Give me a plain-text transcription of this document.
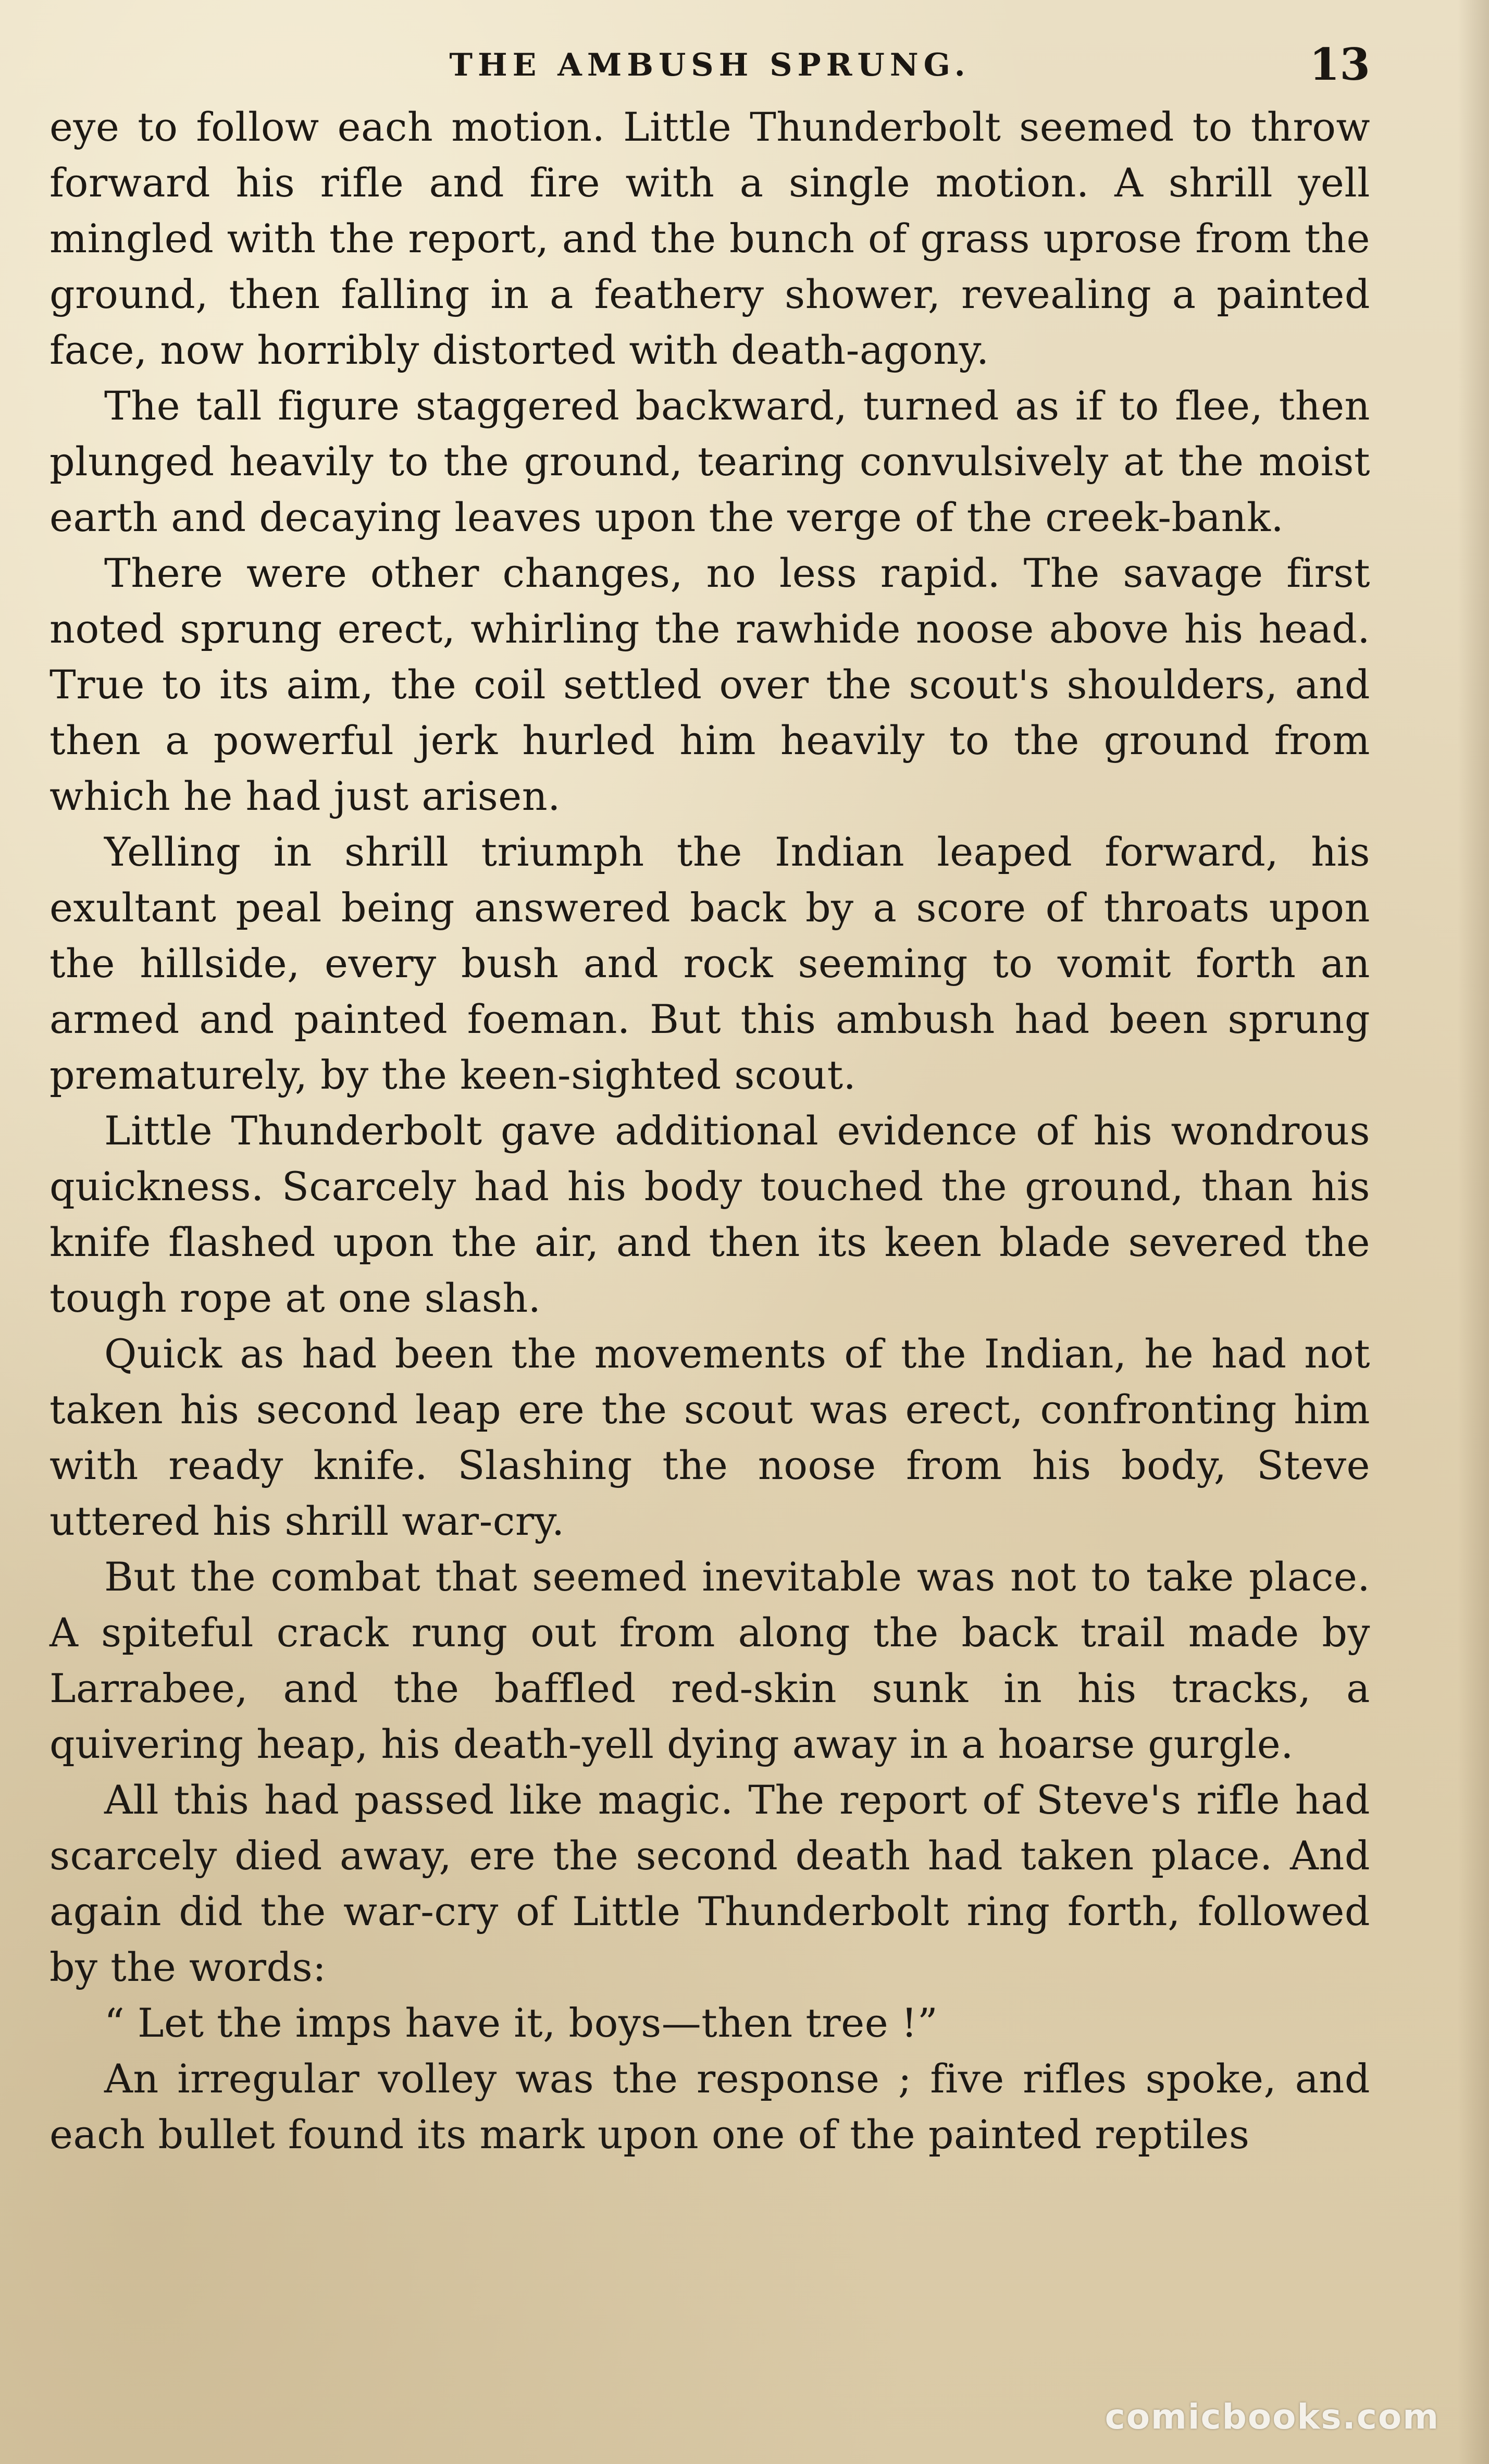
THE AMBUSH SPRUNG.	13

eye to follow each motion. Little Thunderbolt seemed to throw forward his rifle and fire with a single motion. A shrill yell mingled with the report, and the bunch of grass uprose from the ground, then falling in a feathery shower, revealing a painted face, now horribly distorted with death-agony.

The tall figure staggered backward, turned as if to flee, then plunged heavily to the ground, tearing convulsively at the moist earth and decaying leaves upon the verge of the creek-bank.

There were other changes, no less rapid. The savage first noted sprung erect, whirling the rawhide noose above his head. True to its aim, the coil settled over the scout's shoulders, and then a powerful jerk hurled him heavily to the ground from which he had just arisen.

Yelling in shrill triumph the Indian leaped forward, his exultant peal being answered back by a score of throats upon the hillside, every bush and rock seeming to vomit forth an armed and painted foeman. But this ambush had been sprung prematurely, by the keen-sighted scout.

Little Thunderbolt gave additional evidence of his wondrous quickness. Scarcely had his body touched the ground, than his knife flashed upon the air, and then its keen blade severed the tough rope at one slash.

Quick as had been the movements of the Indian, he had not taken his second leap ere the scout was erect, confronting him with ready knife. Slashing the noose from his body, Steve uttered his shrill war-cry.

But the combat that seemed inevitable was not to take place. A spiteful crack rung out from along the back trail made by Larrabee, and the baffled red-skin sunk in his tracks, a quivering heap, his death-yell dying away in a hoarse gurgle.

All this had passed like magic. The report of Steve's rifle had scarcely died away, ere the second death had taken place. And again did the war-cry of Little Thunderbolt ring forth, followed by the words:

“ Let the imps have it, boys—then tree !”

An irregular volley was the response ; five rifles spoke, and each bullet found its mark upon one of the painted reptiles

comicbooks.com
